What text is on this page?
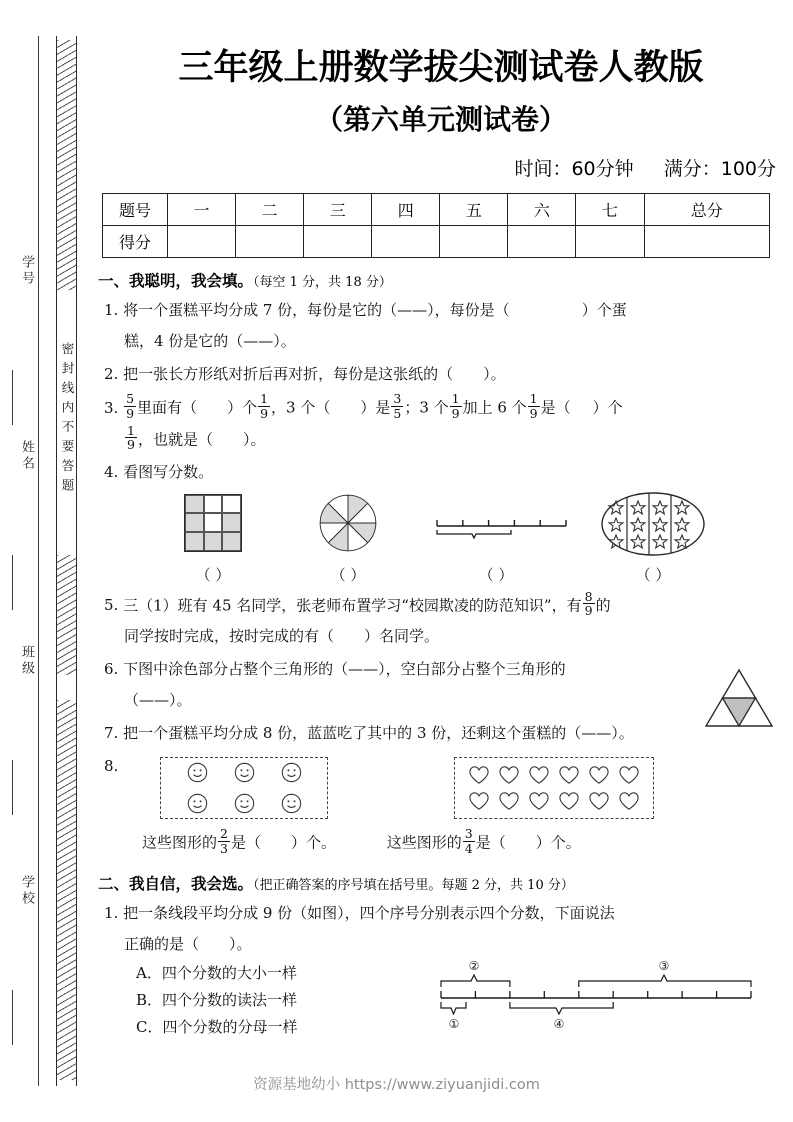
密封线内不要答题
学号
姓名
班级
学校
三年级上册数学拔尖测试卷人教版
（第六单元测试卷）
时间：60分钟 满分：100分
题号	一	二	三	四	五	六	七	总分
得分								
一、我聪明，我会填。（每空 1 分，共 18 分）
1. 将一个蛋糕平均分成 7 份，每份是它的（——），每份是（	）个蛋
糕，4 份是它的（——）。
2. 把一张长方形纸对折后再对折，每份是这张纸的（ ）。
3. $\frac{5}{9}$ 里面有（ ）个 $\frac{1}{9}$ ，3 个（ ）是 $\frac{3}{5}$ ；3 个 $\frac{1}{9}$ 加上 6 个 $\frac{1}{9}$ 是（ ）个
$\frac{1}{9}$ ，也就是（ ）。
4. 看图写分数。
（ ）	（ ）	（ ）	（ ）
5. 三（1）班有 45 名同学，张老师布置学习“校园欺凌的防范知识”，有 $\frac{8}{9}$ 的
同学按时完成，按时完成的有（ ）名同学。
6. 下图中涂色部分占整个三角形的（——），空白部分占整个三角形的
（——）。
7. 把一个蛋糕平均分成 8 份，蓝蓝吃了其中的 3 份，还剩这个蛋糕的（——）。
8.
这些图形的 $\frac{2}{3}$ 是（ ）个。	这些图形的 $\frac{3}{4}$ 是（ ）个。
二、我自信，我会选。（把正确答案的序号填在括号里。每题 2 分，共 10 分）
1. 把一条线段平均分成 9 份（如图），四个序号分别表示四个分数，下面说法
正确的是（ ）。
A．四个分数的大小一样
B．四个分数的读法一样
C．四个分数的分母一样
②
①	④
③
资源基地幼小 https://www.ziyuanjidi.com
